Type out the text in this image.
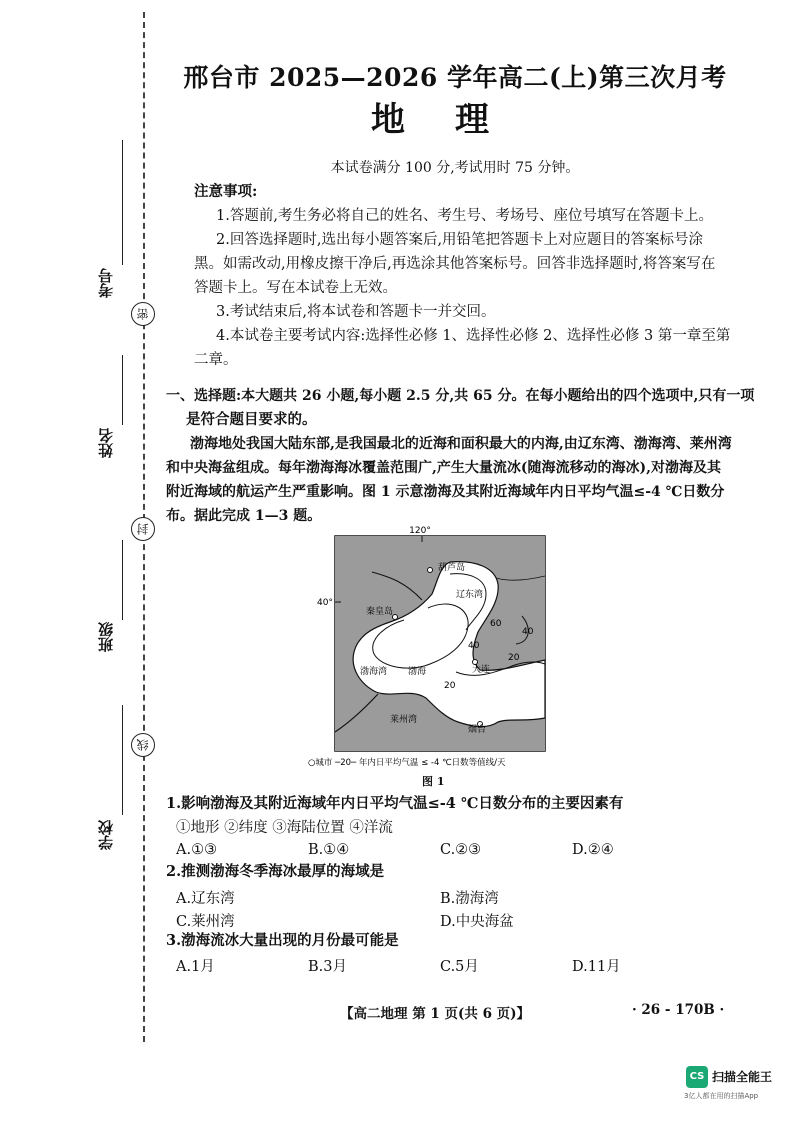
考号
姓名
班级
学校
密
封
线
邢台市 2025—2026 学年高二(上)第三次月考
地理
本试卷满分 100 分,考试用时 75 分钟。
注意事项:
1.答题前,考生务必将自己的姓名、考生号、考场号、座位号填写在答题卡上。
2.回答选择题时,选出每小题答案后,用铅笔把答题卡上对应题目的答案标号涂
黑。如需改动,用橡皮擦干净后,再选涂其他答案标号。回答非选择题时,将答案写在
答题卡上。写在本试卷上无效。
3.考试结束后,将本试卷和答题卡一并交回。
4.本试卷主要考试内容:选择性必修 1、选择性必修 2、选择性必修 3 第一章至第
二章。
一、选择题:本大题共 26 小题,每小题 2.5 分,共 65 分。在每小题给出的四个选项中,只有一项
是符合题目要求的。
渤海地处我国大陆东部,是我国最北的近海和面积最大的内海,由辽东湾、渤海湾、莱州湾
和中央海盆组成。每年渤海海冰覆盖范围广,产生大量流冰(随海流移动的海冰),对渤海及其
附近海域的航运产生严重影响。图 1 示意渤海及其附近海域年内日平均气温≤-4 ℃日数分
布。据此完成 1—3 题。
120°
40°
葫芦岛
辽东湾
秦皇岛
渤海湾 渤海	大连
莱州湾
烟台
60
40
20
40
20
○城市 ─20─ 年内日平均气温 ≤ -4 ℃日数等值线/天
图 1
1.影响渤海及其附近海域年内日平均气温≤-4 ℃日数分布的主要因素有
①地形 ②纬度 ③海陆位置 ④洋流
A.①③	B.①④	C.②③	D.②④
2.推测渤海冬季海冰最厚的海域是
A.辽东湾	B.渤海湾
C.莱州湾	D.中央海盆
3.渤海流冰大量出现的月份最可能是
A.1月	B.3月	C.5月	D.11月
【高二地理 第 1 页(共 6 页)】	· 26 - 170B ·
CS 扫描全能王
3亿人都在用的扫描App
